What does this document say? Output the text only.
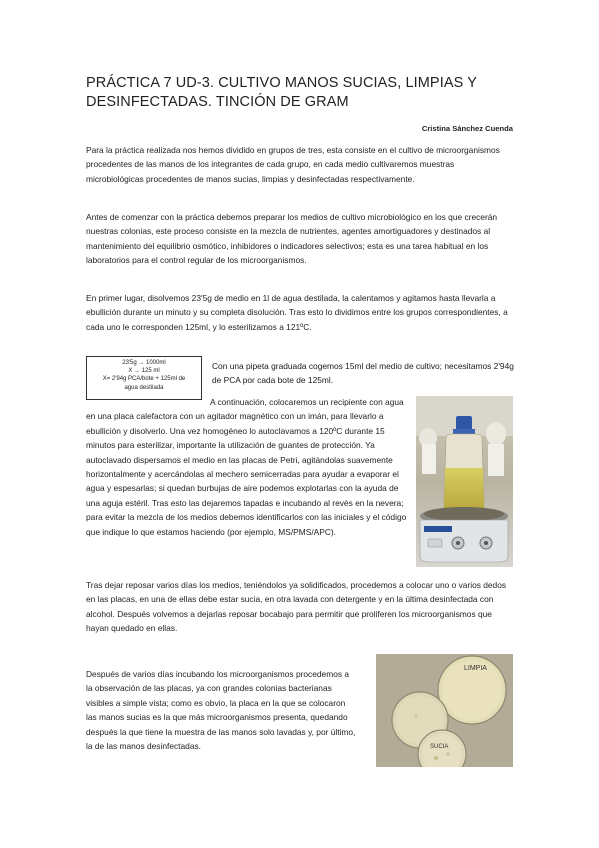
PRÁCTICA 7 UD-3. CULTIVO MANOS SUCIAS, LIMPIAS Y DESINFECTADAS. TINCIÓN DE GRAM
Cristina Sánchez Cuenda

Para la práctica realizada nos hemos dividido en grupos de tres, esta consiste en el cultivo de microorganismos procedentes de las manos de los integrantes de cada grupo, en cada medio cultivaremos muestras microbiológicas procedentes de manos sucias, limpias y desinfectadas respectivamente.

Antes de comenzar con la práctica debemos preparar los medios de cultivo microbiológico en los que crecerán nuestras colonias, este proceso consiste en la mezcla de nutrientes, agentes amortiguadores y destinados al mantenimiento del equilibrio osmótico, inhibidores o indicadores selectivos; esta es una tarea habitual en los laboratorios para el control regular de los microorganismos.

En primer lugar, disolvemos 23'5g de medio en 1l de agua destilada, la calentamos y agitamos hasta llevarla a ebullición durante un minuto y su completa disolución. Tras esto lo dividimos entre los grupos correspondientes, a cada uno le corresponden 125ml, y lo esterilizamos a 121ºC.

23'5g → 1000ml
X → 125 ml
X= 2'94g PCA/bote + 125ml de
agua destilada

Con una pipeta graduada cogemos 15ml del medio de cultivo; necesitamos 2'94g de PCA por cada bote de 125ml.

A continuación, colocaremos un recipiente con agua en una placa calefactora con un agitador magnético con un imán, para llevarlo a ebullición y disolverlo. Una vez homogéneo lo autoclavamos a 120ºC durante 15 minutos para esterilizar, importante la utilización de guantes de protección. Ya autoclavado dispersamos el medio en las placas de Petri, agitándolas suavemente horizontalmente y acercándolas al mechero semicerradas para ayudar a evaporar el agua y espesarlas; si quedan burbujas de aire podemos explotarlas con la ayuda de una aguja estéril. Tras esto las dejaremos tapadas e incubando al revés en la nevera; para evitar la mezcla de los medios debemos identificarlos con las iniciales y el código que indique lo que estamos haciendo (por ejemplo, MS/PMS/APC).

Tras dejar reposar varios días los medios, teniéndolos ya solidificados, procedemos a colocar uno o varios dedos en las placas, en una de ellas debe estar sucia, en otra lavada con detergente y en la última desinfectada con alcohol. Después volvemos a dejarlas reposar bocabajo para permitir que proliferen los microorganismos que hayan quedado en ellas.

Después de varios días incubando los microorganismos procedemos a la observación de las placas, ya con grandes colonias bacterianas visibles a simple vista; como es obvio, la placa en la que se colocaron las manos sucias es la que más microorganismos presenta, quedando después la que tiene la muestra de las manos solo lavadas y, por último, la de las manos desinfectadas.

LIMPIA
SUCIA
